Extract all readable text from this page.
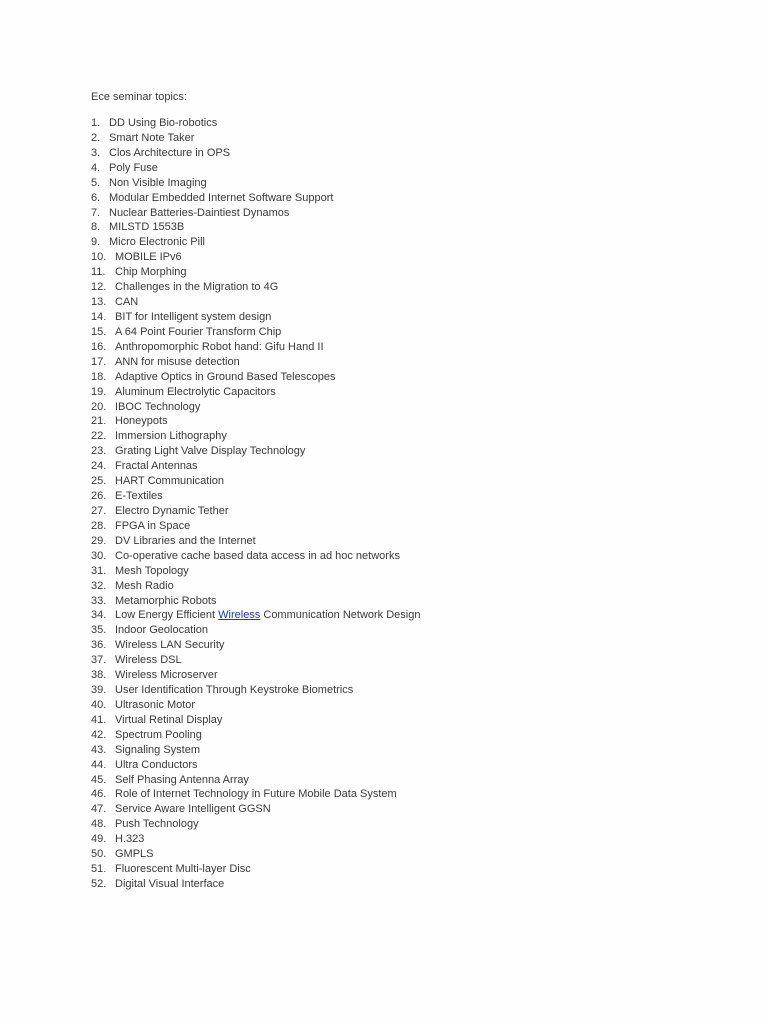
Ece seminar topics:
1. DD Using Bio-robotics
2. Smart Note Taker
3. Clos Architecture in OPS
4. Poly Fuse
5. Non Visible Imaging
6. Modular Embedded Internet Software Support
7. Nuclear Batteries-Daintiest Dynamos
8. MILSTD 1553B
9. Micro Electronic Pill
10. MOBILE IPv6
11. Chip Morphing
12. Challenges in the Migration to 4G
13. CAN
14. BIT for Intelligent system design
15. A 64 Point Fourier Transform Chip
16. Anthropomorphic Robot hand: Gifu Hand II
17. ANN for misuse detection
18. Adaptive Optics in Ground Based Telescopes
19. Aluminum Electrolytic Capacitors
20. IBOC Technology
21. Honeypots
22. Immersion Lithography
23. Grating Light Valve Display Technology
24. Fractal Antennas
25. HART Communication
26. E-Textiles
27. Electro Dynamic Tether
28. FPGA in Space
29. DV Libraries and the Internet
30. Co-operative cache based data access in ad hoc networks
31. Mesh Topology
32. Mesh Radio
33. Metamorphic Robots
34. Low Energy Efficient Wireless Communication Network Design
35. Indoor Geolocation
36. Wireless LAN Security
37. Wireless DSL
38. Wireless Microserver
39. User Identification Through Keystroke Biometrics
40. Ultrasonic Motor
41. Virtual Retinal Display
42. Spectrum Pooling
43. Signaling System
44. Ultra Conductors
45. Self Phasing Antenna Array
46. Role of Internet Technology in Future Mobile Data System
47. Service Aware Intelligent GGSN
48. Push Technology
49. H.323
50. GMPLS
51. Fluorescent Multi-layer Disc
52. Digital Visual Interface
